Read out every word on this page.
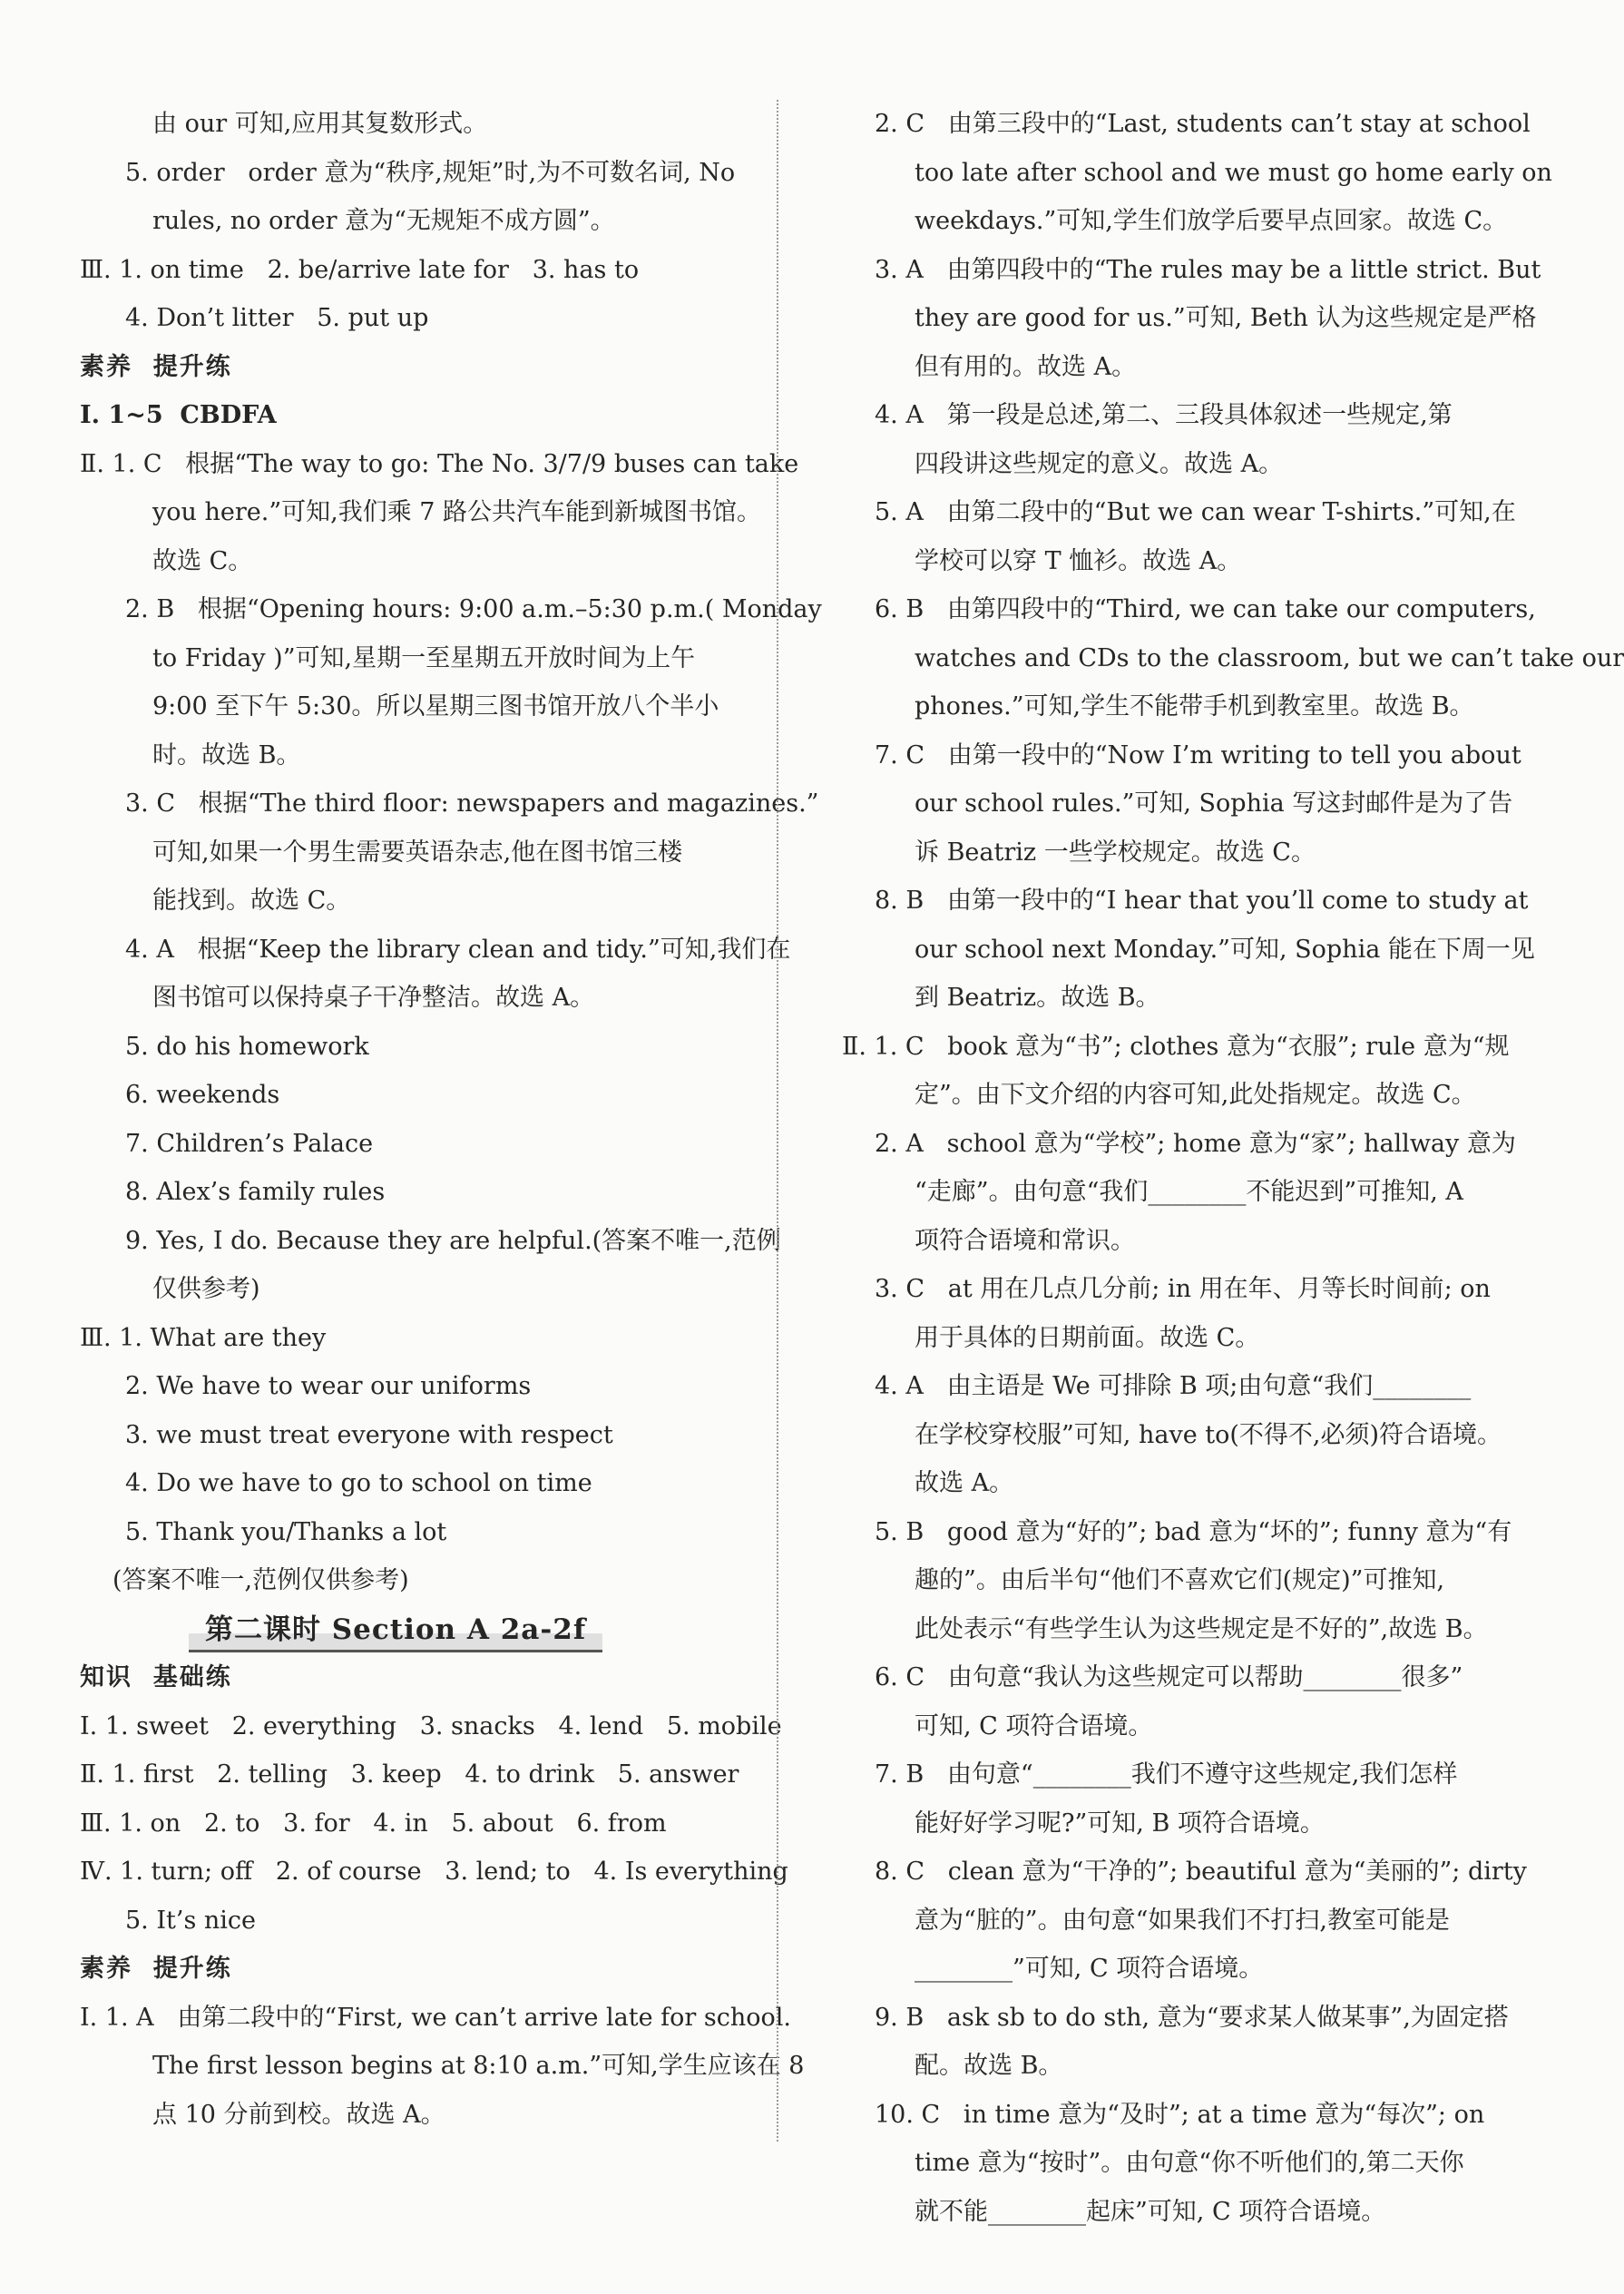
由 our 可知,应用其复数形式。
5. order   order 意为“秩序,规矩”时,为不可数名词, No
rules, no order 意为“无规矩不成方圆”。
Ⅲ. 1. on time   2. be/arrive late for   3. has to
4. Don’t litter   5. put up
素养  提升练
Ⅰ. 1~5  CBDFA
Ⅱ. 1. C   根据“The way to go: The No. 3/7/9 buses can take
you here.”可知,我们乘 7 路公共汽车能到新城图书馆。
故选 C。
2. B   根据“Opening hours: 9:00 a.m.–5:30 p.m.( Monday
to Friday )”可知,星期一至星期五开放时间为上午
9:00 至下午 5:30。所以星期三图书馆开放八个半小
时。故选 B。
3. C   根据“The third floor: newspapers and magazines.”
可知,如果一个男生需要英语杂志,他在图书馆三楼
能找到。故选 C。
4. A   根据“Keep the library clean and tidy.”可知,我们在
图书馆可以保持桌子干净整洁。故选 A。
5. do his homework
6. weekends
7. Children’s Palace
8. Alex’s family rules
9. Yes, I do. Because they are helpful.(答案不唯一,范例
仅供参考)
Ⅲ. 1. What are they
2. We have to wear our uniforms
3. we must treat everyone with respect
4. Do we have to go to school on time
5. Thank you/Thanks a lot
(答案不唯一,范例仅供参考)
第二课时 Section A 2a-2f
知识  基础练
Ⅰ. 1. sweet   2. everything   3. snacks   4. lend   5. mobile
Ⅱ. 1. first   2. telling   3. keep   4. to drink   5. answer
Ⅲ. 1. on   2. to   3. for   4. in   5. about   6. from
Ⅳ. 1. turn; off   2. of course   3. lend; to   4. Is everything
5. It’s nice
素养  提升练
Ⅰ. 1. A   由第二段中的“First, we can’t arrive late for school.
The first lesson begins at 8:10 a.m.”可知,学生应该在 8
点 10 分前到校。故选 A。
2. C   由第三段中的“Last, students can’t stay at school
too late after school and we must go home early on
weekdays.”可知,学生们放学后要早点回家。故选 C。
3. A   由第四段中的“The rules may be a little strict. But
they are good for us.”可知, Beth 认为这些规定是严格
但有用的。故选 A。
4. A   第一段是总述,第二、三段具体叙述一些规定,第
四段讲这些规定的意义。故选 A。
5. A   由第二段中的“But we can wear T-shirts.”可知,在
学校可以穿 T 恤衫。故选 A。
6. B   由第四段中的“Third, we can take our computers,
watches and CDs to the classroom, but we can’t take our
phones.”可知,学生不能带手机到教室里。故选 B。
7. C   由第一段中的“Now I’m writing to tell you about
our school rules.”可知, Sophia 写这封邮件是为了告
诉 Beatriz 一些学校规定。故选 C。
8. B   由第一段中的“I hear that you’ll come to study at
our school next Monday.”可知, Sophia 能在下周一见
到 Beatriz。故选 B。
Ⅱ. 1. C   book 意为“书”; clothes 意为“衣服”; rule 意为“规
定”。由下文介绍的内容可知,此处指规定。故选 C。
2. A   school 意为“学校”; home 意为“家”; hallway 意为
“走廊”。由句意“我们________不能迟到”可推知, A
项符合语境和常识。
3. C   at 用在几点几分前; in 用在年、月等长时间前; on
用于具体的日期前面。故选 C。
4. A   由主语是 We 可排除 B 项;由句意“我们________
在学校穿校服”可知, have to(不得不,必须)符合语境。
故选 A。
5. B   good 意为“好的”; bad 意为“坏的”; funny 意为“有
趣的”。由后半句“他们不喜欢它们(规定)”可推知,
此处表示“有些学生认为这些规定是不好的”,故选 B。
6. C   由句意“我认为这些规定可以帮助________很多”
可知, C 项符合语境。
7. B   由句意“________我们不遵守这些规定,我们怎样
能好好学习呢?”可知, B 项符合语境。
8. C   clean 意为“干净的”; beautiful 意为“美丽的”; dirty
意为“脏的”。由句意“如果我们不打扫,教室可能是
________”可知, C 项符合语境。
9. B   ask sb to do sth, 意为“要求某人做某事”,为固定搭
配。故选 B。
10. C   in time 意为“及时”; at a time 意为“每次”; on
time 意为“按时”。由句意“你不听他们的,第二天你
就不能________起床”可知, C 项符合语境。
